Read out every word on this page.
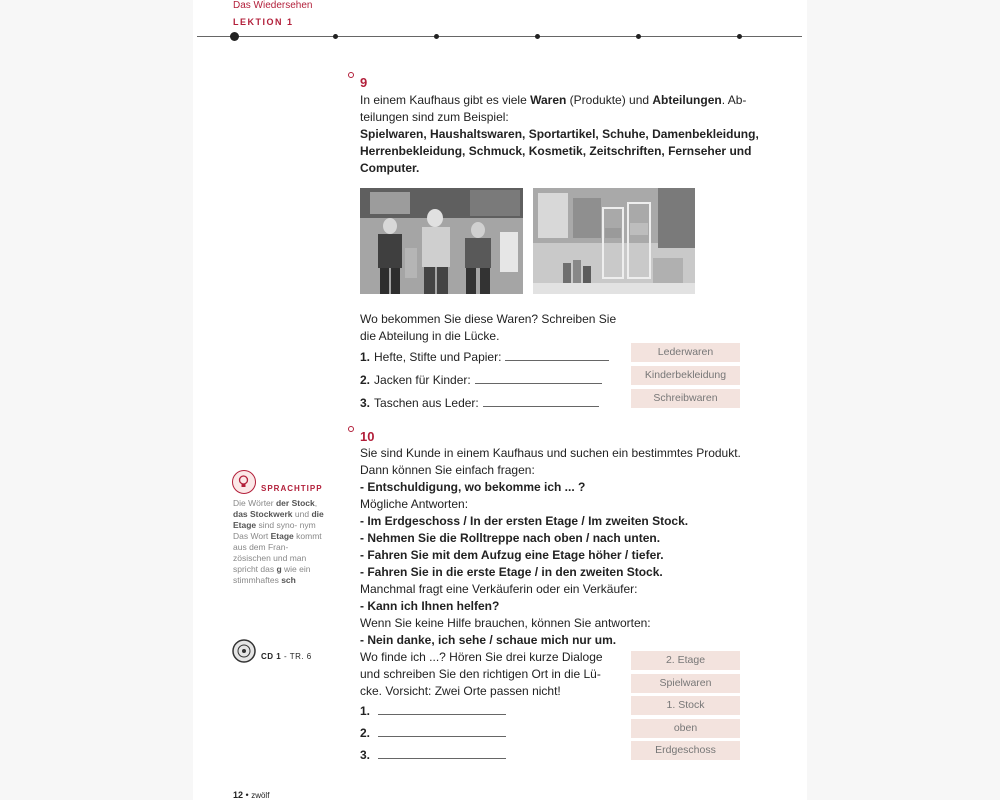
Das Wiedersehen
LEKTION 1
9
In einem Kaufhaus gibt es viele Waren (Produkte) und Abteilungen. Ab-
teilungen sind zum Beispiel:
Spielwaren, Haushaltswaren, Sportartikel, Schuhe, Damenbekleidung,
Herrenbekleidung, Schmuck, Kosmetik, Zeitschriften, Fernseher und
Computer.
Wo bekommen Sie diese Waren? Schreiben Sie
die Abteilung in die Lücke.
1. Hefte, Stifte und Papier:
2. Jacken für Kinder:
3. Taschen aus Leder:
Lederwaren
Kinderbekleidung
Schreibwaren
10
Sie sind Kunde in einem Kaufhaus und suchen ein bestimmtes Produkt.
Dann können Sie einfach fragen:
- Entschuldigung, wo bekomme ich ... ?
Mögliche Antworten:
- Im Erdgeschoss / In der ersten Etage / Im zweiten Stock.
- Nehmen Sie die Rolltreppe nach oben / nach unten.
- Fahren Sie mit dem Aufzug eine Etage höher / tiefer.
- Fahren Sie in die erste Etage / in den zweiten Stock.
Manchmal fragt eine Verkäuferin oder ein Verkäufer:
- Kann ich Ihnen helfen?
Wenn Sie keine Hilfe brauchen, können Sie antworten:
- Nein danke, ich sehe / schaue mich nur um.
Wo finde ich ...? Hören Sie drei kurze Dialoge
und schreiben Sie den richtigen Ort in die Lü-
cke. Vorsicht: Zwei Orte passen nicht!
1.
2.
3.
2. Etage
Spielwaren
1. Stock
oben
Erdgeschoss
SPRACHTIPP
Die Wörter der Stock, das Stockwerk und die Etage sind syno- nym Das Wort Etage kommt aus dem Fran- zösischen und man spricht das g wie ein stimmhaftes sch
CD 1 - TR. 6
12 • zwölf
